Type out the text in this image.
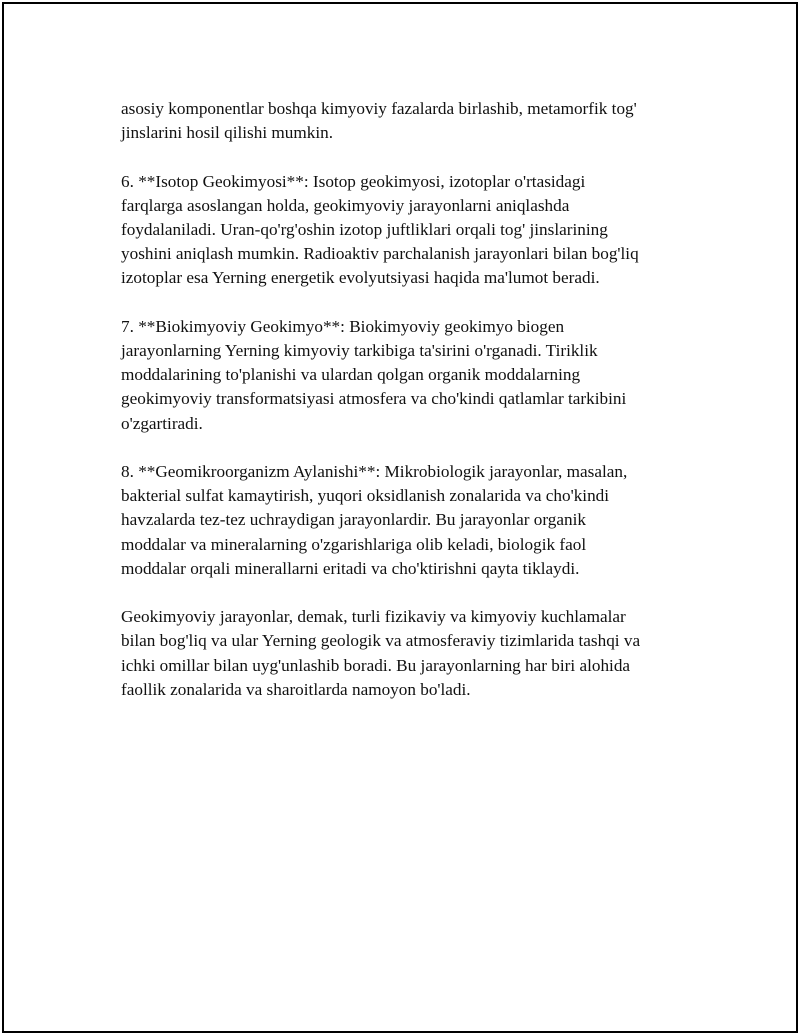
asosiy komponentlar boshqa kimyoviy fazalarda birlashib, metamorfik tog'
jinslarini hosil qilishi mumkin.

6. **Isotop Geokimyosi**: Isotop geokimyosi, izotoplar o'rtasidagi
farqlarga asoslangan holda, geokimyoviy jarayonlarni aniqlashda
foydalaniladi. Uran-qo'rg'oshin izotop juftliklari orqali tog' jinslarining
yoshini aniqlash mumkin. Radioaktiv parchalanish jarayonlari bilan bog'liq
izotoplar esa Yerning energetik evolyutsiyasi haqida ma'lumot beradi.

7. **Biokimyoviy Geokimyo**: Biokimyoviy geokimyo biogen
jarayonlarning Yerning kimyoviy tarkibiga ta'sirini o'rganadi. Tiriklik
moddalarining to'planishi va ulardan qolgan organik moddalarning
geokimyoviy transformatsiyasi atmosfera va cho'kindi qatlamlar tarkibini
o'zgartiradi.

8. **Geomikroorganizm Aylanishi**: Mikrobiologik jarayonlar, masalan,
bakterial sulfat kamaytirish, yuqori oksidlanish zonalarida va cho'kindi
havzalarda tez-tez uchraydigan jarayonlardir. Bu jarayonlar organik
moddalar va mineralarning o'zgarishlariga olib keladi, biologik faol
moddalar orqali minerallarni eritadi va cho'ktirishni qayta tiklaydi.

Geokimyoviy jarayonlar, demak, turli fizikaviy va kimyoviy kuchlamalar
bilan bog'liq va ular Yerning geologik va atmosferaviy tizimlarida tashqi va
ichki omillar bilan uyg'unlashib boradi. Bu jarayonlarning har biri alohida
faollik zonalarida va sharoitlarda namoyon bo'ladi.
